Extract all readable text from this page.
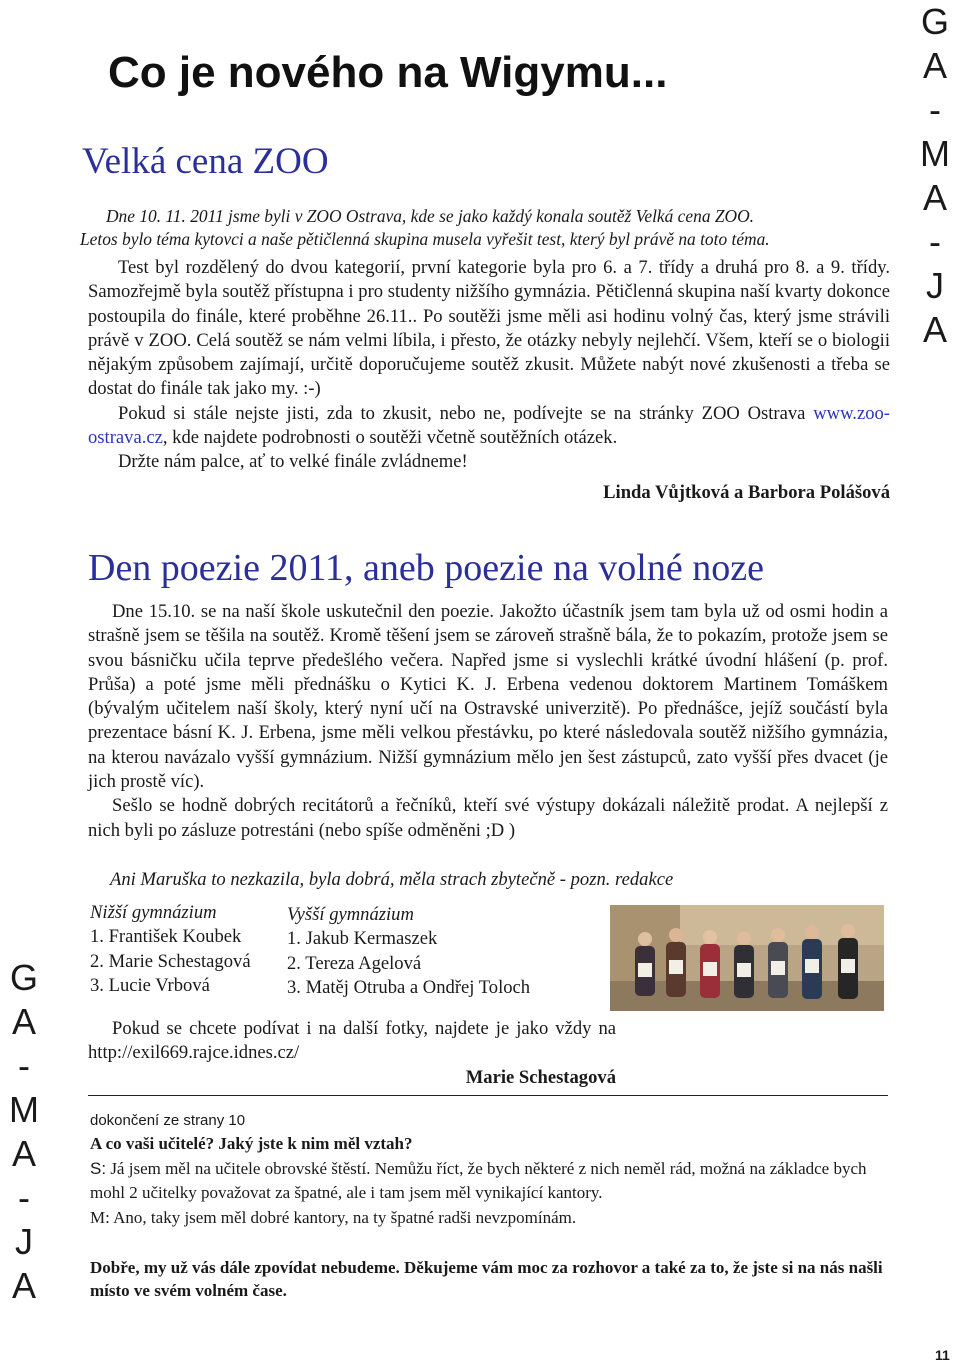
G
A
-
M
A
-
J
A
G
A
-
M
A
-
J
A
Co je nového na Wigymu...
Velká cena ZOO
Dne 10. 11. 2011 jsme byli v ZOO Ostrava, kde se jako každý konala soutěž Velká cena ZOO.
Letos bylo téma kytovci a naše pětičlenná skupina musela vyřešit test, který byl právě na toto téma.

Test byl rozdělený do dvou kategorií, první kategorie byla pro 6. a 7. třídy a druhá pro 8. a 9. třídy. Samozřejmě byla soutěž přístupna i pro studenty nižšího gymnázia. Pětičlenná skupina naší kvarty dokonce postoupila do finále, které proběhne 26.11.. Po soutěži jsme měli asi hodinu volný čas, který jsme strávili právě v ZOO. Celá soutěž se nám velmi líbila, i přesto, že otázky nebyly nejlehčí. Všem, kteří se o biologii nějakým způsobem zajímají, určitě doporučujeme soutěž zkusit. Můžete nabýt nové zkušenosti a třeba se dostat do finále tak jako my. :-)

Pokud si stále nejste jisti, zda to zkusit, nebo ne, podívejte se na stránky ZOO Ostrava www.zoo-ostrava.cz, kde najdete podrobnosti o soutěži včetně soutěžních otázek.

Držte nám palce, ať to velké finále zvládneme!

Linda Vůjtková a Barbora Polášová
Den poezie 2011, aneb poezie na volné noze

Dne 15.10. se na naší škole uskutečnil den poezie. Jakožto účastník jsem tam byla už od osmi hodin a strašně jsem se těšila na soutěž. Kromě těšení jsem se zároveň strašně bála, že to pokazím, protože jsem se svou básničku učila teprve předešlého večera. Napřed jsme si vyslechli krátké úvodní hlášení (p. prof. Průša) a poté jsme měli přednášku o Kytici K. J. Erbena vedenou doktorem Martinem Tomáškem (bývalým učitelem naší školy, který nyní učí na Ostravské univerzitě). Po přednášce, jejíž součástí byla prezentace básní K. J. Erbena, jsme měli velkou přestávku, po které následovala soutěž nižšího gymnázia, na kterou navázalo vyšší gymnázium. Nižší gymnázium mělo jen šest zástupců, zato vyšší přes dvacet (je jich prostě víc).

Sešlo se hodně dobrých recitátorů a řečníků, kteří své výstupy dokázali náležitě prodat. A nejlepší z nich byli po zásluze potrestáni (nebo spíše odměněni ;D )

Ani Maruška to nezkazila, byla dobrá, měla strach zbytečně - pozn. redakce
Nižší gymnázium
1. František Koubek
2. Marie Schestagová
3. Lucie Vrbová
Vyšší gymnázium
1. Jakub Kermaszek
2. Tereza Agelová
3. Matěj Otruba a Ondřej Toloch

Pokud se chcete podívat i na další fotky, najdete je jako vždy na http://exil669.rajce.idnes.cz/

Marie Schestagová
dokončení ze strany 10
A co vaši učitelé? Jaký jste k nim měl vztah?
S: Já jsem měl na učitele obrovské štěstí. Nemůžu říct, že bych některé z nich neměl rád, možná na základce bych mohl 2 učitelky považovat za špatné, ale i tam jsem měl vynikající kantory.
M: Ano, taky jsem měl dobré kantory, na ty špatné radši nevzpomínám.
Dobře, my už vás dále zpovídat nebudeme. Děkujeme vám moc za rozhovor a také za to, že jste si na nás našli místo ve svém volném čase.
11
